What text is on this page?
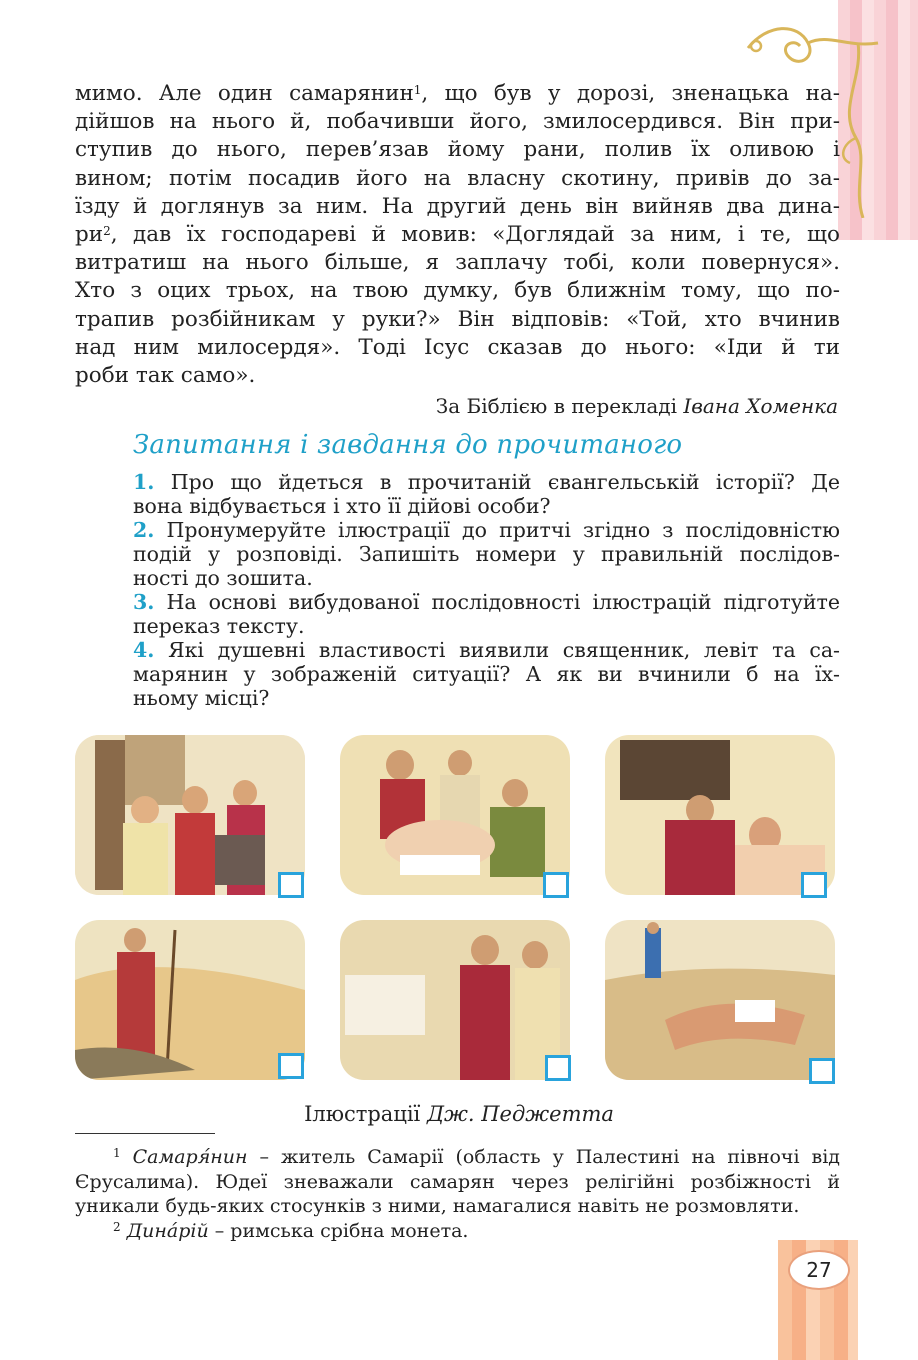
мимо. Але один самарянин$^1$, що був у дорозі, зненацька на-
дійшов на нього й, побачивши його, змилосердився. Він при-
ступив до нього, перев’язав йому рани, полив їх оливою і
вином; потім посадив його на власну скотину, привів до за-
їзду й доглянув за ним. На другий день він вийняв два дина-
$ри^2$, дав їх господареві й мовив: «Доглядай за ним, і те, що
витратиш на нього більше, я заплачу тобі, коли повернуся».
Хто з оцих трьох, на твою думку, був ближнім тому, що по-
трапив розбійникам у руки?» Він відповів: «Той, хто вчинив
над ним милосердя». Тоді Ісус сказав до нього: «Іди й ти
роби так само».
За Біблією в перекладі Івана Хоменка
Запитання і завдання до прочитаного
1. Про що йдеться в прочитаній євангельській історії? Де
вона відбувається і хто її дійові особи?
2. Пронумеруйте ілюстрації до притчі згідно з послідовністю
подій у розповіді. Запишіть номери у правильній послідов-
ності до зошита.
3. На основі вибудованої послідовності ілюстрацій підготуйте
переказ тексту.
4. Які душевні властивості виявили священник, левіт та са-
марянин у зображеній ситуації? А як ви вчинили б на їх-
ньому місці?
Ілюстрації Дж. Педжетта
$^1$ Самаря́нин – житель Самарії (область у Палестині на півночі від
Єрусалима). Юдеї зневажали самарян через релігійні розбіжності й
уникали будь-яких стосунків з ними, намагалися навіть не розмовляти.
$^2$ Дина́рій – римська срібна монета.
27
